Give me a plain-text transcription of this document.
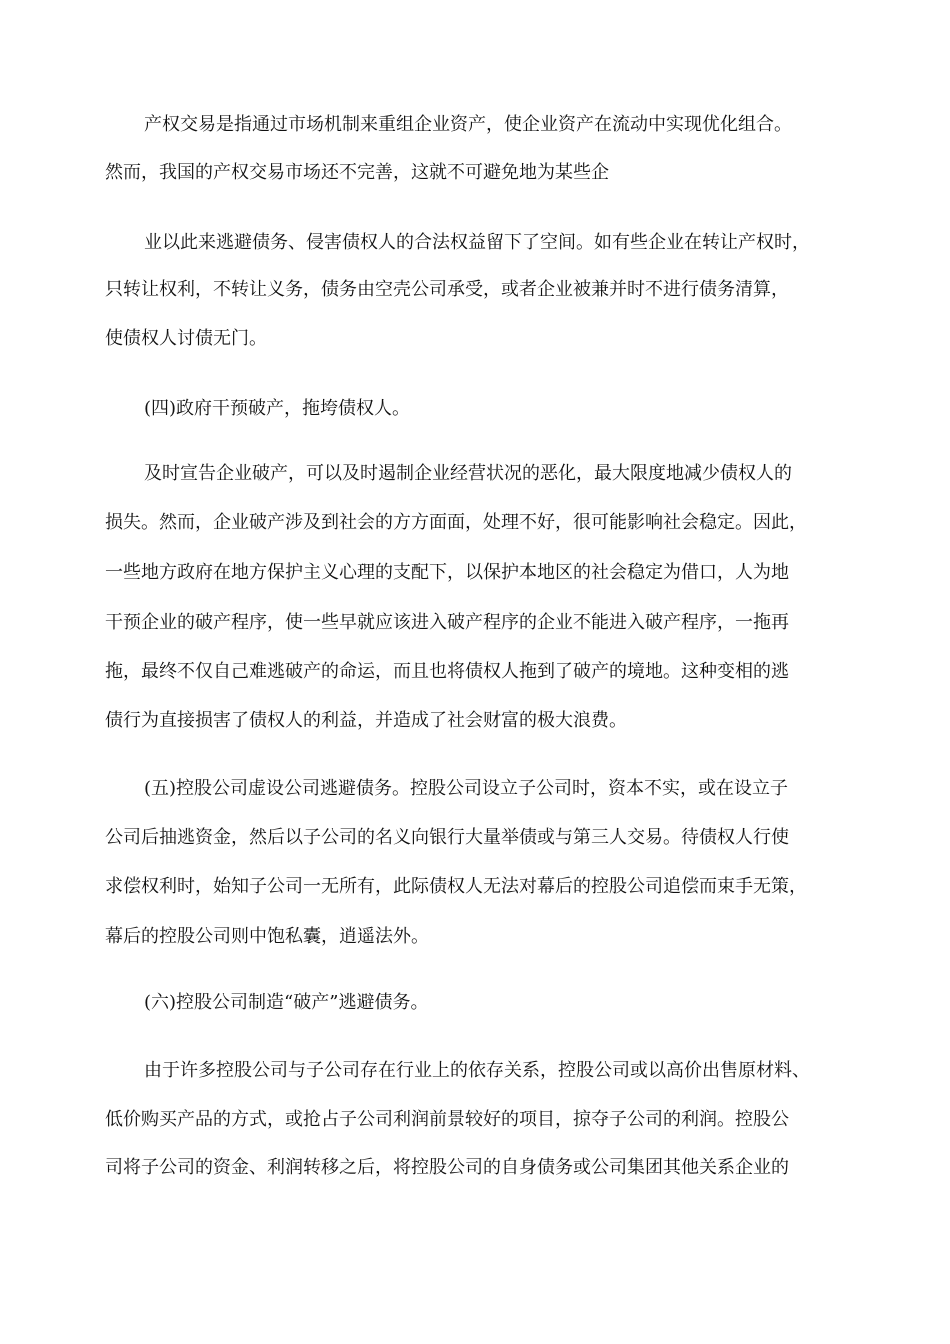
产权交易是指通过市场机制来重组企业资产，使企业资产在流动中实现优化组合。
然而，我国的产权交易市场还不完善，这就不可避免地为某些企
业以此来逃避债务、侵害债权人的合法权益留下了空间。如有些企业在转让产权时，
只转让权利，不转让义务，债务由空壳公司承受，或者企业被兼并时不进行债务清算，
使债权人讨债无门。
(四)政府干预破产，拖垮债权人。
及时宣告企业破产，可以及时遏制企业经营状况的恶化，最大限度地减少债权人的
损失。然而，企业破产涉及到社会的方方面面，处理不好，很可能影响社会稳定。因此，
一些地方政府在地方保护主义心理的支配下，以保护本地区的社会稳定为借口，人为地
干预企业的破产程序，使一些早就应该进入破产程序的企业不能进入破产程序，一拖再
拖，最终不仅自己难逃破产的命运，而且也将债权人拖到了破产的境地。这种变相的逃
债行为直接损害了债权人的利益，并造成了社会财富的极大浪费。
(五)控股公司虚设公司逃避债务。控股公司设立子公司时，资本不实，或在设立子
公司后抽逃资金，然后以子公司的名义向银行大量举债或与第三人交易。待债权人行使
求偿权利时，始知子公司一无所有，此际债权人无法对幕后的控股公司追偿而束手无策，
幕后的控股公司则中饱私囊，逍遥法外。
(六)控股公司制造“破产”逃避债务。
由于许多控股公司与子公司存在行业上的依存关系，控股公司或以高价出售原材料、
低价购买产品的方式，或抢占子公司利润前景较好的项目，掠夺子公司的利润。控股公
司将子公司的资金、利润转移之后，将控股公司的自身债务或公司集团其他关系企业的
